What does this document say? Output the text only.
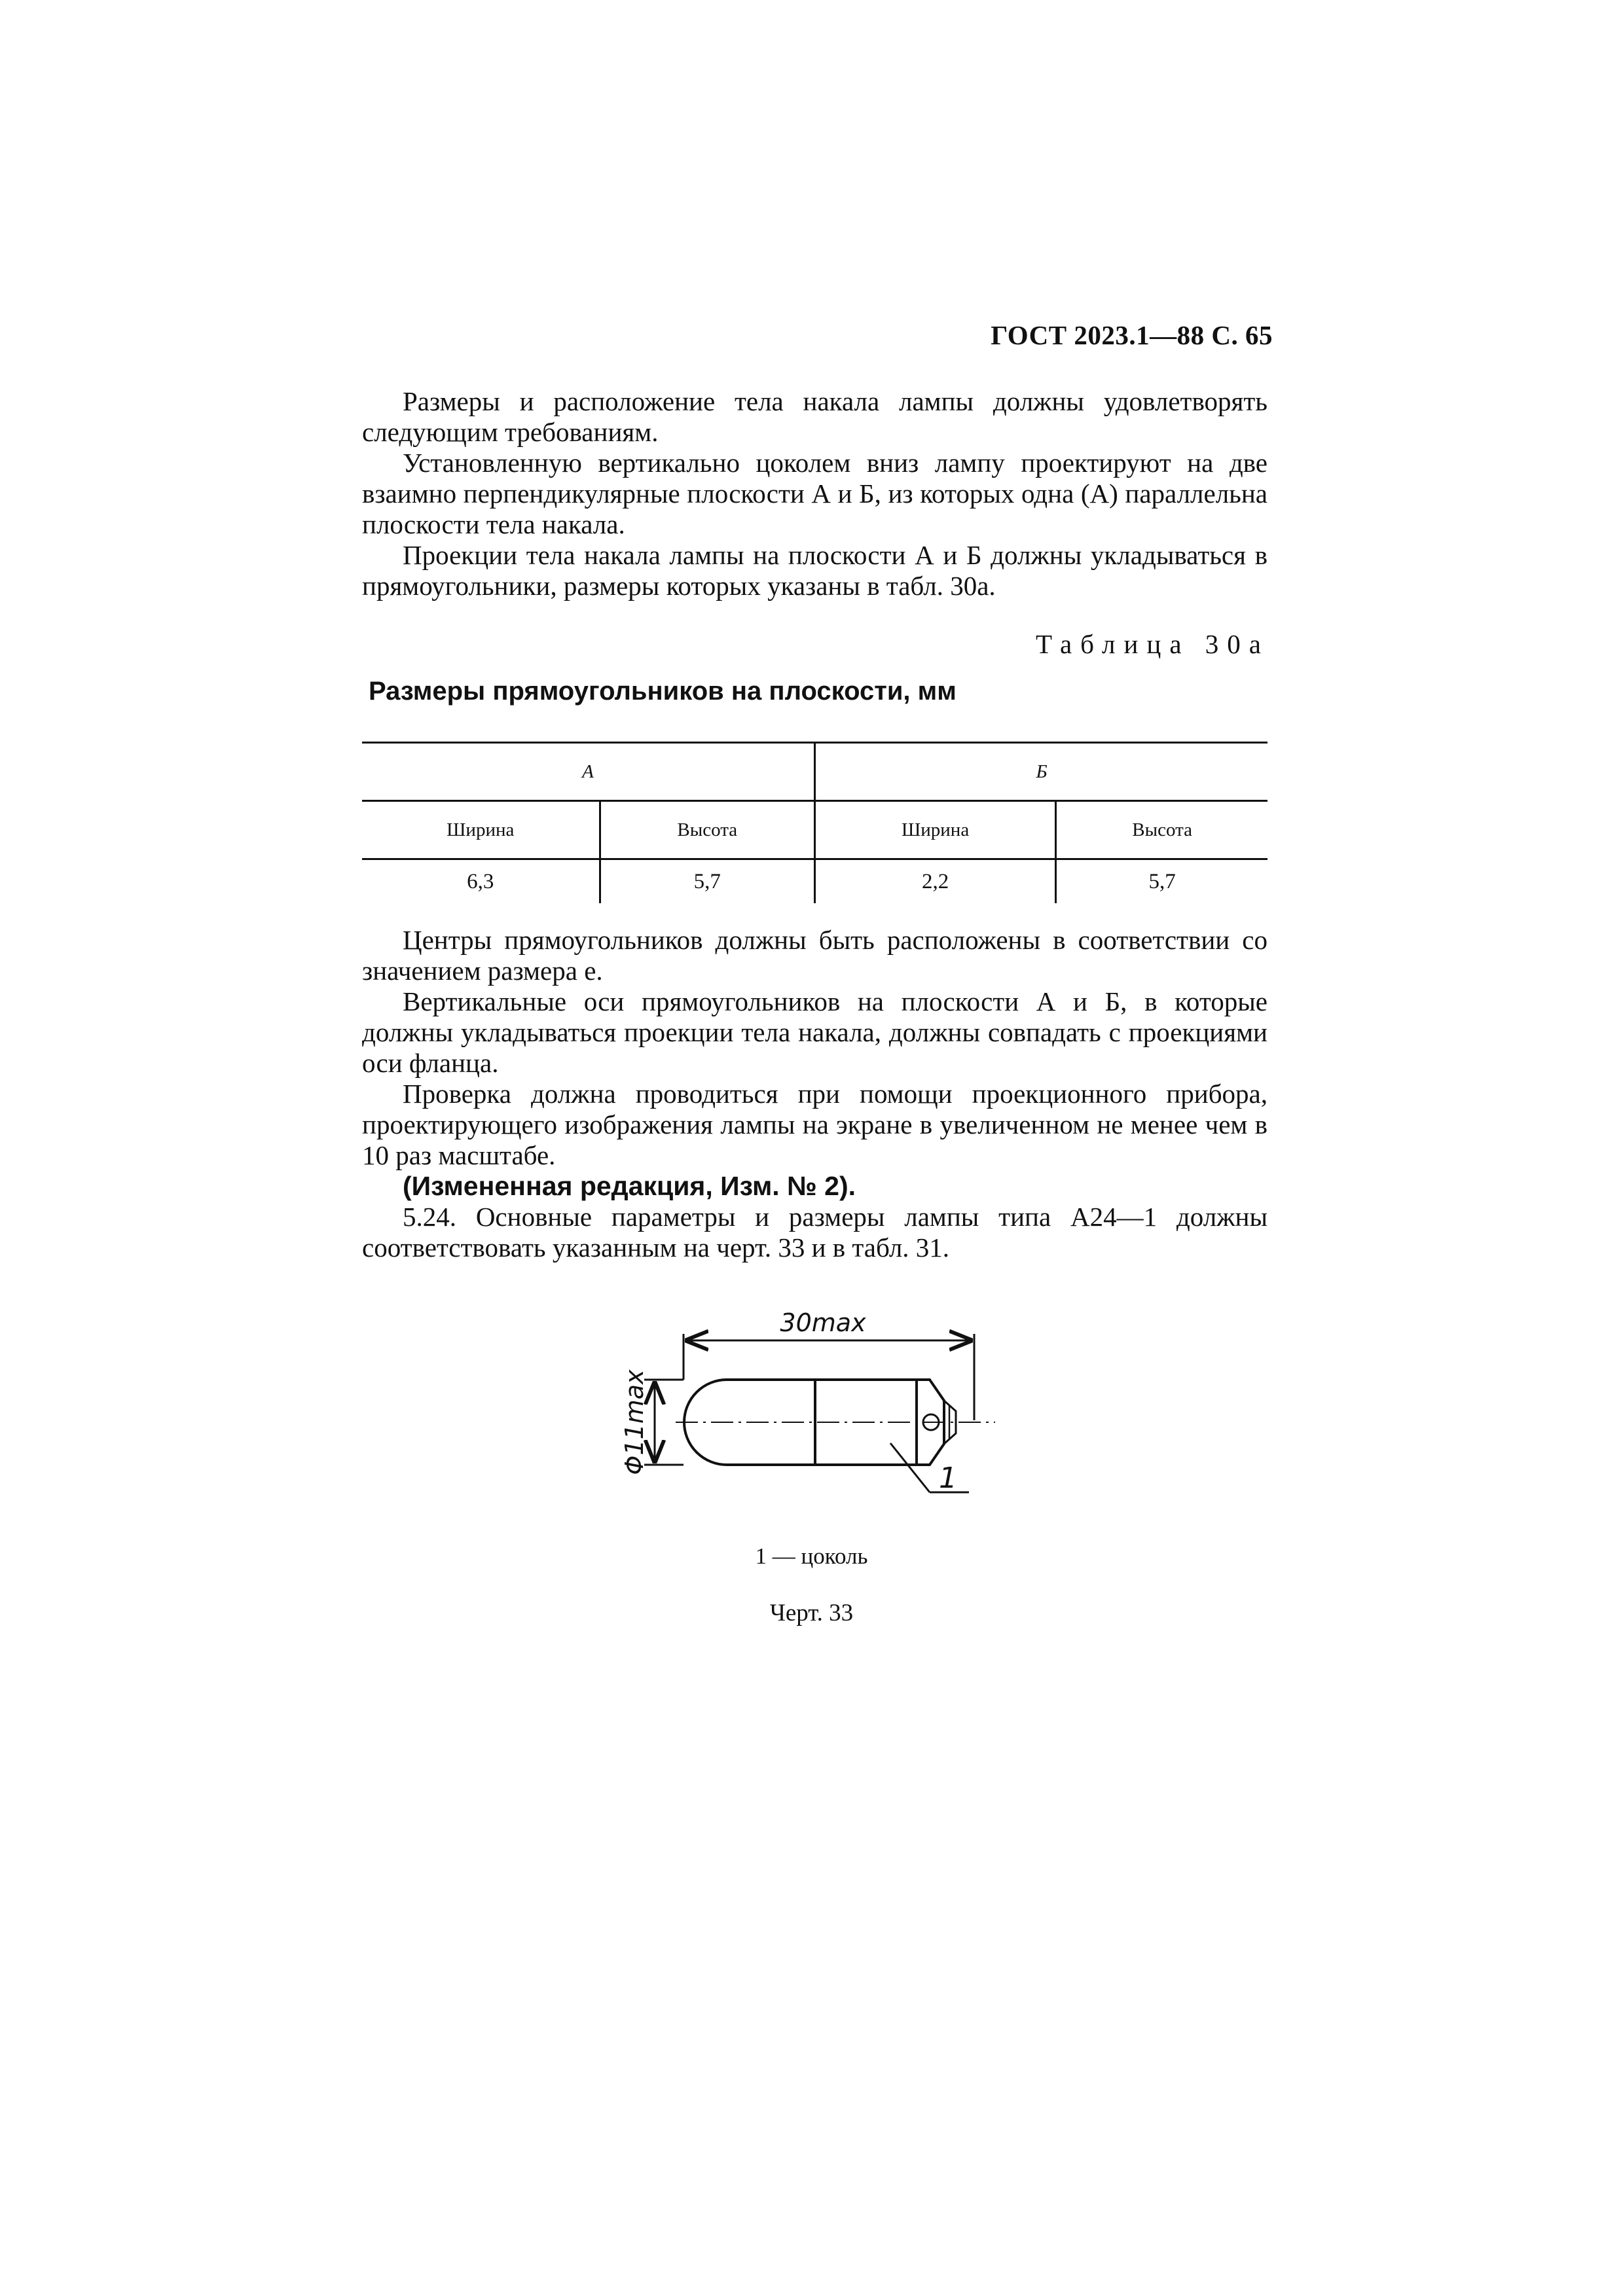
ГОСТ 2023.1—88 С. 65

Размеры и расположение тела накала лампы должны удовлетворять следующим требованиям.

Установленную вертикально цоколем вниз лампу проектируют на две взаимно перпендикулярные плоскости А и Б, из которых одна (А) параллельна плоскости тела накала.

Проекции тела накала лампы на плоскости А и Б должны укладываться в прямоугольники, размеры которых указаны в табл. 30а.

Таблица 30а
Размеры прямоугольников на плоскости, мм
А		Б	
Ширина	Высота	Ширина	Высота
6,3	5,7	2,2	5,7

Центры прямоугольников должны быть расположены в соответствии со значением размера е.

Вертикальные оси прямоугольников на плоскости А и Б, в которые должны укладываться проекции тела накала, должны совпадать с проекциями оси фланца.

Проверка должна проводиться при помощи проекционного прибора, проектирующего изображения лампы на экране в увеличенном не менее чем в 10 раз масштабе.

(Измененная редакция, Изм. № 2).

5.24. Основные параметры и размеры лампы типа А24—1 должны соответствовать указанным на черт. 33 и в табл. 31.

30max
Φ11max
1
1 — цоколь
Черт. 33
